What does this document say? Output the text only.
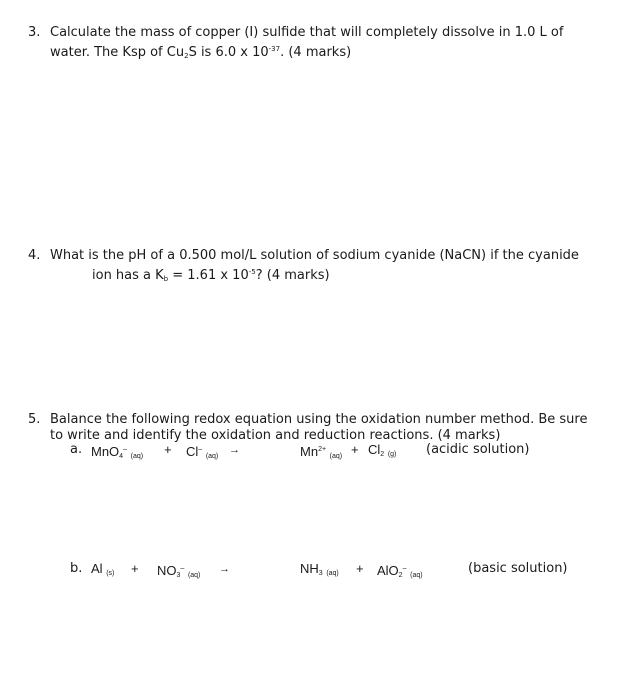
3. Calculate the mass of copper (I) sulfide that will completely dissolve in 1.0 L of
water. The Ksp of $Cu_2S$ is 6.0 x $10^{-37}$. (4 marks)
4. What is the pH of a 0.500 mol/L solution of sodium cyanide (NaCN) if the cyanide
ion has a $K_b = 1.61$ x $10^{-5}$? (4 marks)
5. Balance the following redox equation using the oxidation number method. Be sure
to write and identify the oxidation and reduction reactions. (4 marks)
a. MnO$_4$– $_{(aq)}$ + Cl– $_{(aq)}$
→	$Mn^{2+}$ $_{(aq)} + Cl_2$ $_{(g)}$ (acidic solution)
b. Al $_{(s)} + NO_3^-$ $_{(aq)}$
→	$NH_3$ $_{(aq)}$ + AlO$_2$– $_{(aq)}$	(basic solution)
